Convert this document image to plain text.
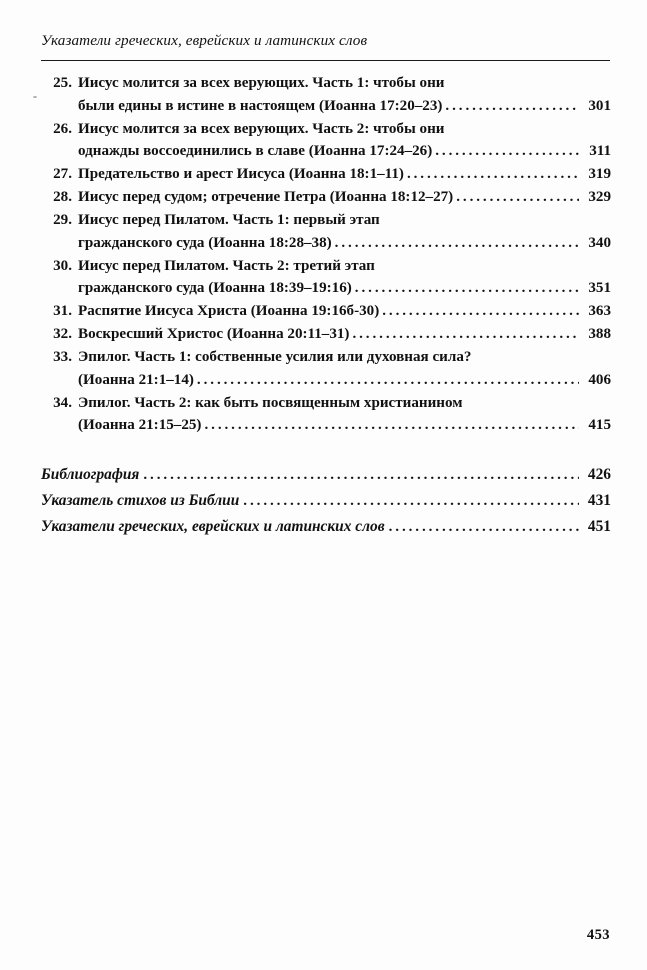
Указатели греческих, еврейских и латинских слов
25. Иисус молится за всех верующих. Часть 1: чтобы они
были едины в истине в настоящем (Иоанна 17:20–23) .....	301
26. Иисус молится за всех верующих. Часть 2: чтобы они
однажды воссоединились в славе (Иоанна 17:24–26) .....	311
27. Предательство и арест Иисуса (Иоанна 18:1–11) .....	319
28. Иисус перед судом; отречение Петра (Иоанна 18:12–27) .....	329
29. Иисус перед Пилатом. Часть 1: первый этап
гражданского суда (Иоанна 18:28–38) .....	340
30. Иисус перед Пилатом. Часть 2: третий этап
гражданского суда (Иоанна 18:39–19:16) .....	351
31. Распятие Иисуса Христа (Иоанна 19:16б-30) .....	363
32. Воскресший Христос (Иоанна 20:11–31) .....	388
33. Эпилог. Часть 1: собственные усилия или духовная сила?
(Иоанна 21:1–14) .....	406
34. Эпилог. Часть 2: как быть посвященным христианином
(Иоанна 21:15–25) .....	415
Библиография .....	426
Указатель стихов из Библии .....	431
Указатели греческих, еврейских и латинских слов .....	451
453
